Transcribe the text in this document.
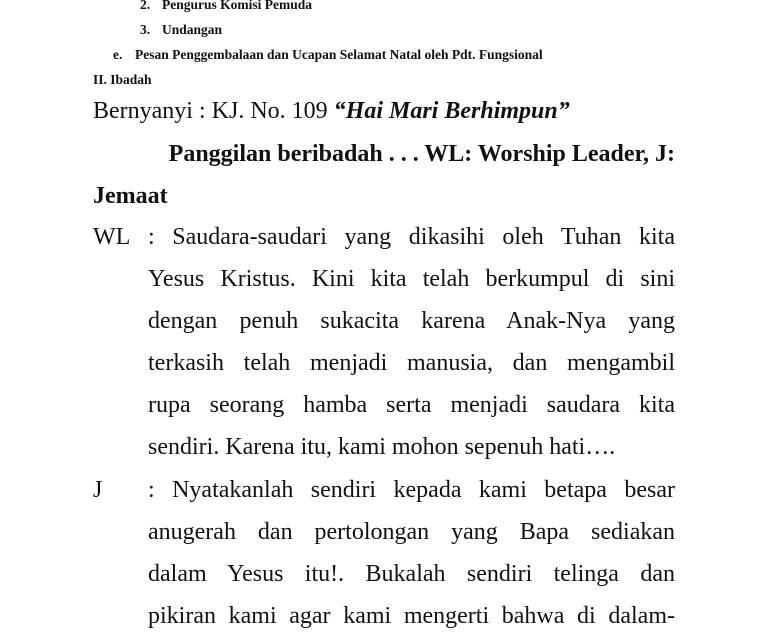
2. Pengurus Komisi Pemuda
3. Undangan
e. Pesan Penggembalaan dan Ucapan Selamat Natal oleh Pdt. Fungsional
II. Ibadah
Bernyanyi : KJ. No. 109 “Hai Mari Berhimpun”
Panggilan beribadah . . . WL: Worship Leader, J:
Jemaat
WL : Saudara-saudari yang dikasihi oleh Tuhan kita
Yesus Kristus. Kini kita telah berkumpul di sini
dengan penuh sukacita karena Anak-Nya yang
terkasih telah menjadi manusia, dan mengambil
rupa seorang hamba serta menjadi saudara kita
sendiri. Karena itu, kami mohon sepenuh hati….
J : Nyatakanlah sendiri kepada kami betapa besar
anugerah dan pertolongan yang Bapa sediakan
dalam Yesus itu!. Bukalah sendiri telinga dan
pikiran kami agar kami mengerti bahwa di dalam-
